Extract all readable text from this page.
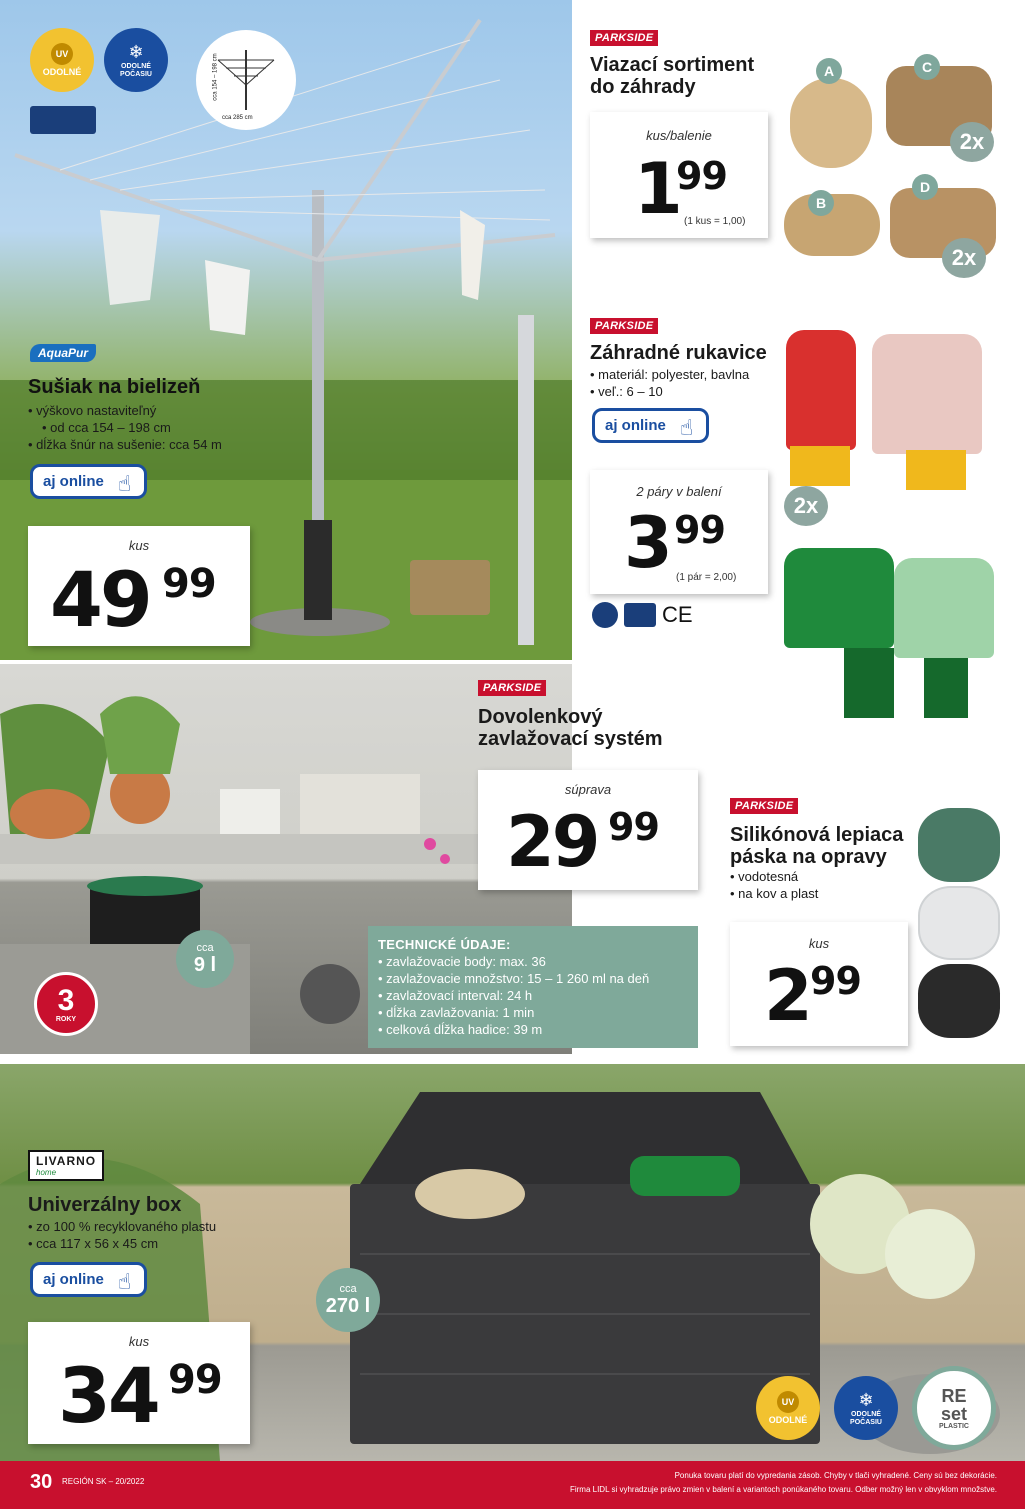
UV
ODOLNÉ
❄
ODOLNÉ POČASIU	cca 154 – 198 cm
cca 285 cm
AquaPur
Sušiak na bielizeň
• výškovo nastaviteľný
• od cca 154 – 198 cm
• dĺžka šnúr na sušenie: cca 54 m
aj online ☝
kus
49 99
PARKSIDE
Viazací sortiment
do záhrady
kus/balenie
1
99
(1 kus = 1,00)
A
B
C
D
2x
2x
PARKSIDE
Záhradné rukavice
• materiál: polyester, bavlna
• veľ.: 6 – 10
aj online ☝
2 páry v balení
3 99
(1 pár = 2,00)
CE
2x
PARKSIDE
Dovolenkový
zavlažovací systém
súprava
29 99
cca
9 l
3
ROKY
TECHNICKÉ ÚDAJE:
• zavlažovacie body: max. 36
• zavlažovacie množstvo: 15 – 1 260 ml na deň
• zavlažovací interval: 24 h
• dĺžka zavlažovania: 1 min
• celková dĺžka hadice: 39 m
PARKSIDE
Silikónová lepiaca
páska na opravy
• vodotesná
• na kov a plast
kus
2 99
LIVARNO
home
Univerzálny box
• zo 100 % recyklovaného plastu
• cca 117 x 56 x 45 cm
aj online ☝
kus
34 99
cca
270 l
UV
ODOLNÉ
❄
ODOLNÉ POČASIU
RE
set
PLASTIC
30 REGIÓN SK – 20/2022
Ponuka tovaru platí do vypredania zásob. Chyby v tlači vyhradené. Ceny sú bez dekorácie.
Firma LIDL si vyhradzuje právo zmien v balení a variantoch ponúkaného tovaru. Odber možný len v obvyklom množstve.
